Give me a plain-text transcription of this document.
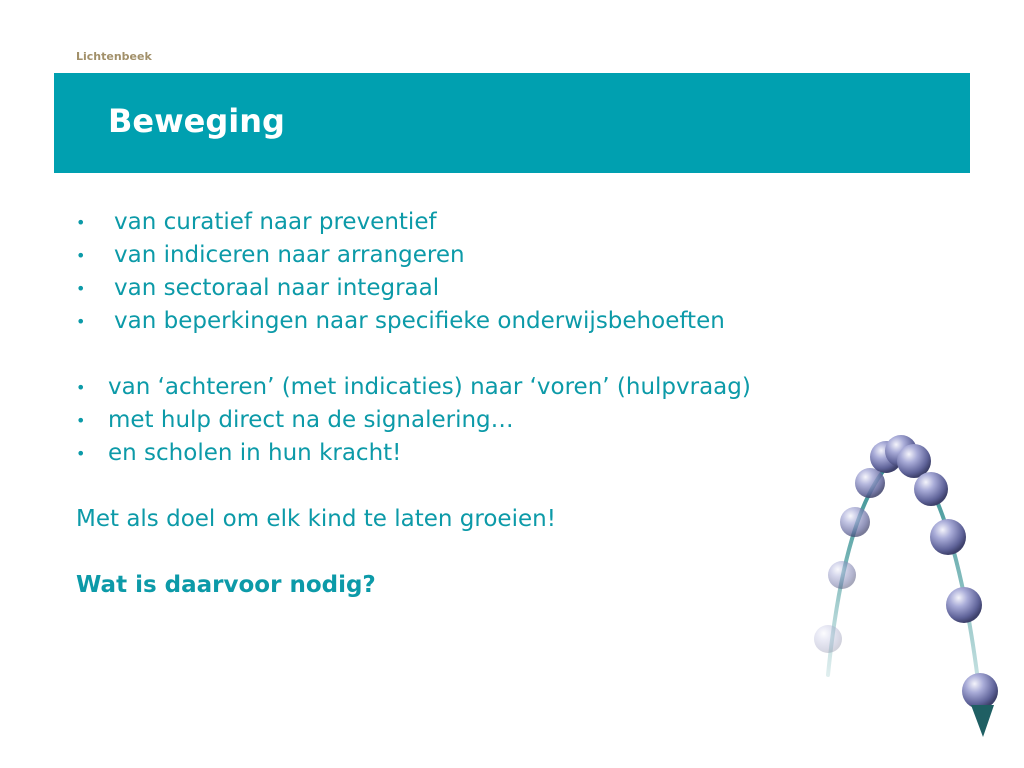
Lichtenbeek
Beweging
• van curatief naar preventief
• van indiceren naar arrangeren
• van sectoraal naar integraal
• van beperkingen naar specifieke onderwijsbehoeften
• van ‘achteren’ (met indicaties) naar ‘voren’ (hulpvraag)
• met hulp direct na de signalering…
• en scholen in hun kracht!
Met als doel om elk kind te laten groeien!
Wat is daarvoor nodig?
